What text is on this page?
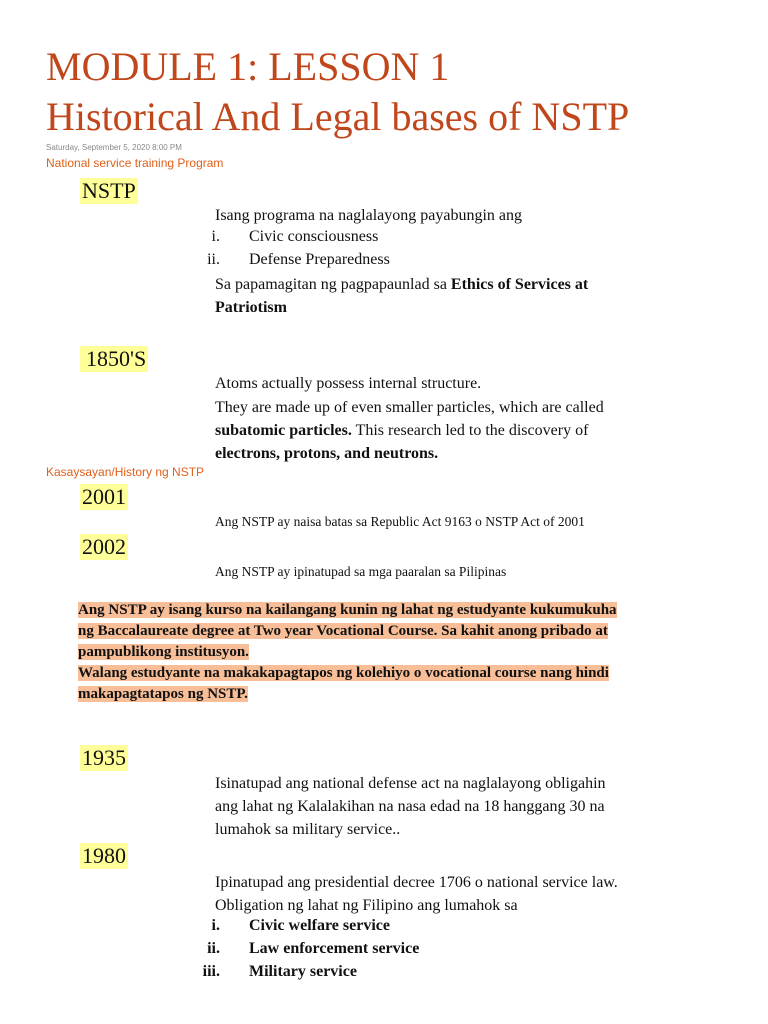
MODULE 1: LESSON 1
Historical And Legal bases of NSTP
Saturday, September 5, 2020 8:00 PM
National service training Program
NSTP
Isang programa na naglalayong payabungin ang
i. Civic consciousness
ii. Defense Preparedness
Sa papamagitan ng pagpapaunlad sa Ethics of Services at
Patriotism
1850'S
Atoms actually possess internal structure.
They are made up of even smaller particles, which are called
subatomic particles. This research led to the discovery of
electrons, protons, and neutrons.
Kasaysayan/History ng NSTP
2001
Ang NSTP ay naisa batas sa Republic Act 9163 o NSTP Act of 2001
2002
Ang NSTP ay ipinatupad sa mga paaralan sa Pilipinas
Ang NSTP ay isang kurso na kailangang kunin ng lahat ng estudyante kukumukuha
ng Baccalaureate degree at Two year Vocational Course. Sa kahit anong pribado at
pampublikong institusyon.
Walang estudyante na makakapagtapos ng kolehiyo o vocational course nang hindi
makapagtatapos ng NSTP.
1935
Isinatupad ang national defense act na naglalayong obligahin
ang lahat ng Kalalakihan na nasa edad na 18 hanggang 30 na
lumahok sa military service..
1980
Ipinatupad ang presidential decree 1706 o national service law.
Obligation ng lahat ng Filipino ang lumahok sa
i. Civic welfare service
ii. Law enforcement service
iii. Military service
